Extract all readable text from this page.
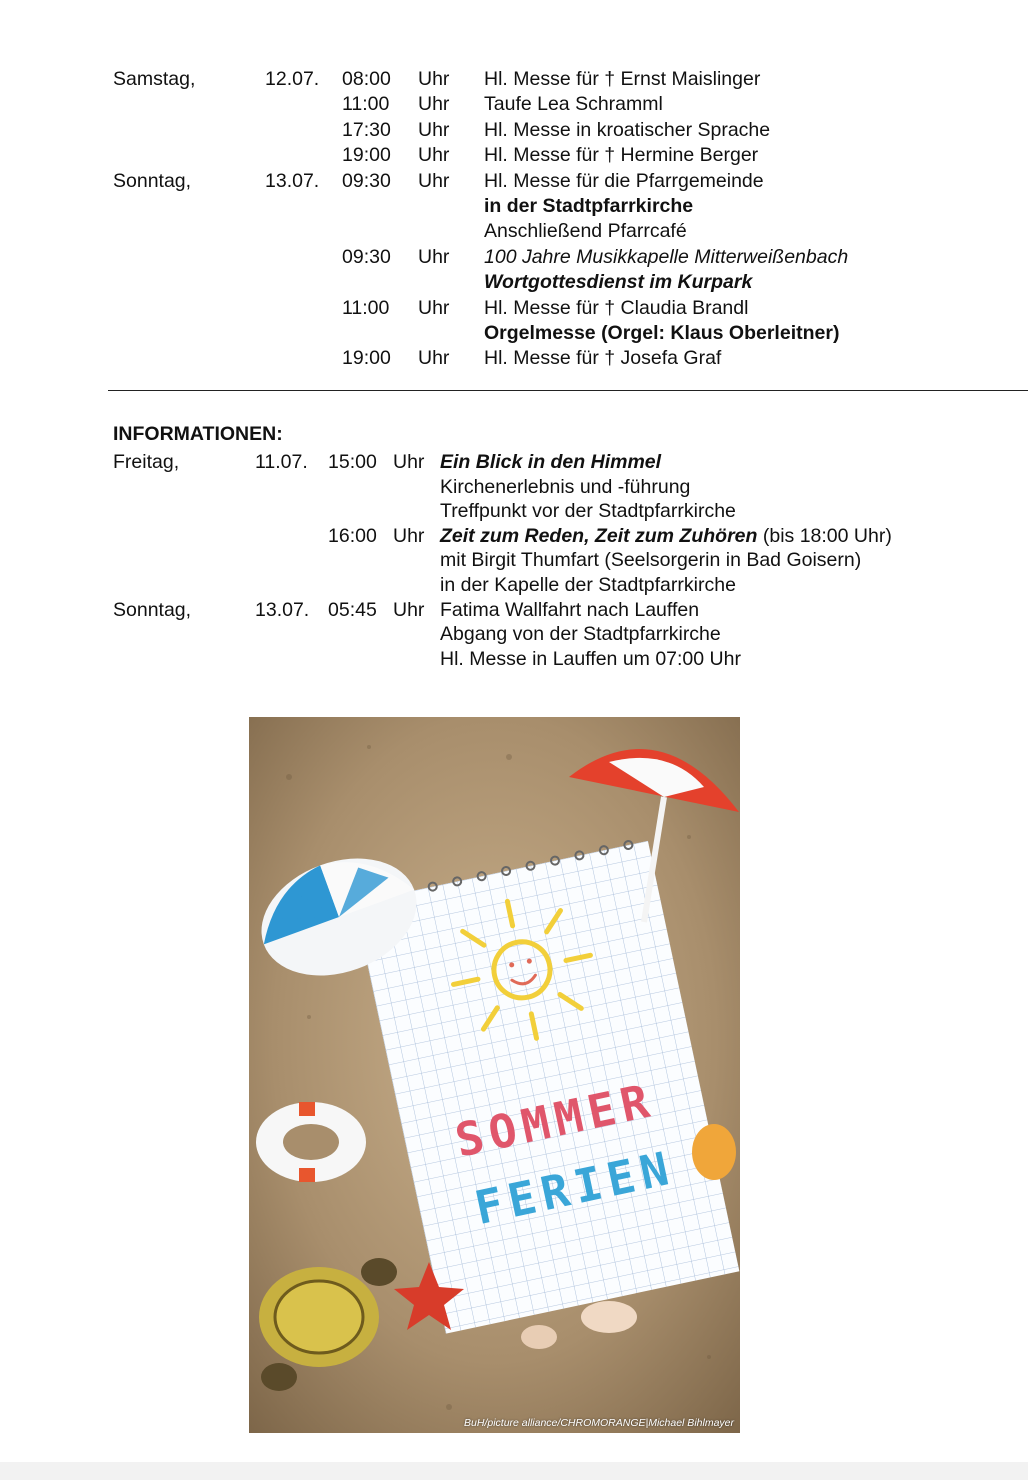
Samstag,	12.07. 08:00 Uhr Hl. Messe für † Ernst Maislinger
11:00 Uhr Taufe Lea Schramml
17:30 Uhr Hl. Messe in kroatischer Sprache
19:00 Uhr Hl. Messe für † Hermine Berger
Sonntag,	13.07. 09:30 Uhr Hl. Messe für die Pfarrgemeinde
in der Stadtpfarrkirche
Anschließend Pfarrcafé
09:30 Uhr 100 Jahre Musikkapelle Mitterweißenbach
Wortgottesdienst im Kurpark
11:00 Uhr Hl. Messe für † Claudia Brandl
Orgelmesse (Orgel: Klaus Oberleitner)
19:00 Uhr Hl. Messe für † Josefa Graf
INFORMATIONEN:
Freitag,	11.07. 15:00 Uhr Ein Blick in den Himmel
Kirchenerlebnis und -führung
Treffpunkt vor der Stadtpfarrkirche
16:00 Uhr Zeit zum Reden, Zeit zum Zuhören (bis 18:00 Uhr)
mit Birgit Thumfart (Seelsorgerin in Bad Goisern)
in der Kapelle der Stadtpfarrkirche
Sonntag,	13.07. 05:45 Uhr Fatima Wallfahrt nach Lauffen
Abgang von der Stadtpfarrkirche
Hl. Messe in Lauffen um 07:00 Uhr
SOMMER
FERIEN
BuH/picture alliance/CHROMORANGE|Michael Bihlmayer
